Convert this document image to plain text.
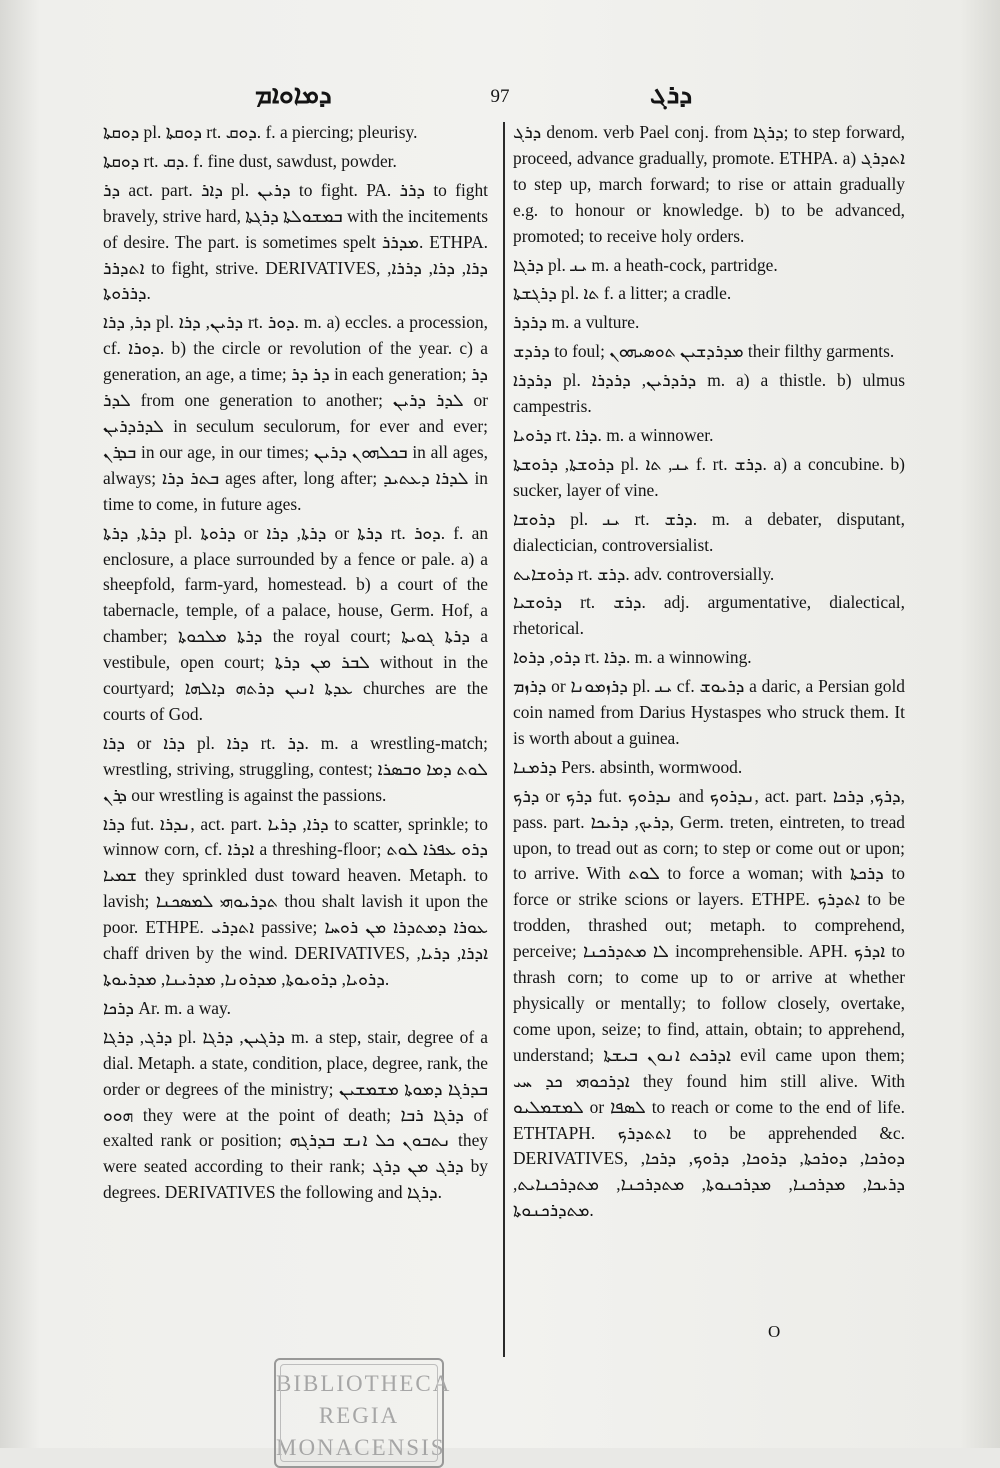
ܕܡܐܘܐܡ	97	ܕܪܓ

ܕܘܩܬܐ pl. ܕܘܩܬܐ rt. ܕܘܩ. f. a piercing; pleurisy.

ܕܘܩܬܐ rt. ܕܩ. f. fine dust, sawdust, powder.

ܕܪ act. part. ܕܐܪ pl. ܕܪܝܢ to fight. PA. ܕܪܪ to fight bravely, strive hard, ܒܡܫܘܠܬܐ ܕܪܓܬܐ with the incitements of desire. The part. is sometimes spelt ܡܕܪܪ. ETHPA. ܐܬܕܪܪ to fight, strive. DERIVATIVES, ܕܪܐ, ܕܪܐ, ܕܪܪܐ, ܕܪܪܘܬܐ.

ܕܪ, ܕܪܐ pl. ܕܪܝܢ, ܕܪܐ rt. ܕܘܪ. m. a) eccles. a procession, cf. ܕܘܪܐ. b) the circle or revolution of the year. c) a generation, an age, a time; ܕܪ ܕܪ in each generation; ܕܪ ܠܕܪ from one generation to another; ܠܕܪ ܕܪܝܢ or ܠܕܪܕܪܝܢ in seculum seculorum, for ever and ever; ܒܕܪܢ in our age, in our times; ܒܟܠܗܘܢ ܕܪܝܢ in all ages, always; ܒܬܪ ܕܪܐ ages after, long after; ܠܕܪܐ ܕܥܬܝܕ in time to come, in future ages.

ܕܪܬܐ, ܕܪܬܐ pl. ܕܪܘܬܐ or ܕܪܬܐ, ܕܪܐ or ܕܪܬܐ rt. ܕܘܪ. f. an enclosure, a place surrounded by a fence or pale. a) a sheepfold, farm-yard, homestead. b) a court of the tabernacle, temple, of a palace, house, Germ. Hof, a chamber; ܕܪܬܐ ܡܠܟܘܬܐ the royal court; ܕܪܬܐ ܓܘܝܬܐ a vestibule, open court; ܠܒܪ ܡܢ ܕܪܬܐ without in the courtyard; ܥܕܬܐ ܐܢܝܢ ܕܪܬܗ ܕܐܠܗܐ churches are the courts of God.

ܕܪܐ or ܕܪܐ pl. ܕܪܐ rt. ܕܪ. m. a wrestling-match; wrestling, striving, struggling, contest; ܠܘܬ ܕܡܐ ܘܒܣܪܐ ܕܪܢ our wrestling is against the passions.

ܕܪܐ fut. ܢܕܪܐ, act. part. ܕܪܐ, ܕܪܝܐ to scatter, sprinkle; to winnow corn, cf. ܐܕܪܐ a threshing-floor; ܕܪܘ ܥܦܪܐ ܠܘܬ ܫܡܝܐ they sprinkled dust toward heaven. Metaph. to lavish; ܬܕܪܝܘܗܝ ܠܡܣܟܢܐ thou shalt lavish it upon the poor. ETHPE. ܐܬܕܪܝ passive; ܥܘܪܐ ܕܡܬܕܪܐ ܡܢ ܪܘܚܐ chaff driven by the wind. DERIVATIVES, ܐܕܪܐ, ܕܪܝܐ, ܕܪܘܝܐ, ܕܪܘܝܘܬܐ, ܡܕܪܘܢܐ, ܡܕܪܝܢܐ, ܡܕܪܝܘܬܐ.

ܕܪܟܐ Ar. m. a way.

ܕܪܓ, ܕܪܓܐ pl. ܕܪܓܝܢ, ܕܪܓܐ m. a step, stair, degree of a dial. Metaph. a state, condition, place, degree, rank, the order or degrees of the ministry; ܒܕܪܓܐ ܕܡܘܬܐ ܡܫܡܫܝܢ ܗܘܘ they were at the point of death; ܕܪܓܐ ܪܒܐ of exalted rank or position; ܢܬܒܘܢ ܟܠ ܐܢܫ ܒܕܪܓܗ they were seated according to their rank; ܕܪܓ ܡܢ ܕܪܓ by degrees. DERIVATIVES the following and ܕܪܓܐ.

ܕܪܓ denom. verb Pael conj. from ܕܪܓܐ; to step forward, proceed, advance gradually, promote. ETHPA. a) ܐܬܕܪܓ to step up, march forward; to rise or attain gradually e.g. to honour or knowledge. b) to be advanced, promoted; to receive holy orders.

ܕܪܓܐ pl. ܝܢ‍ m. a heath-cock, partridge.

ܕܪܓܫܬܐ pl. ܬܐ‍ f. a litter; a cradle.

ܕܪܕܪ m. a vulture.

ܕܪܕܫ to foul; ܡܕܪܕܫܝܢ ܬܘܣܝܗܘܢ their filthy garments.

ܕܪܕܪܐ pl. ܕܪܕܪܝܢ, ܕܪܕܪܐ m. a) a thistle. b) ulmus campestris.

ܕܪܘܝܐ rt. ܕܪܐ. m. a winnower.

ܕܪܘܫܬܐ, ܕܪܘܫܬܐ pl. ܝܢ‍, ܬܐ‍ f. rt. ܕܪܫ. a) a concubine. b) sucker, layer of vine.

ܕܪܘܫܐ pl. ܝܢ‍ rt. ܕܪܫ. m. a debater, disputant, dialectician, controversialist.

ܕܪܘܫܐܝܬ rt. ܕܪܫ. adv. controversially.

ܕܪܘܫܝܐ rt. ܕܪܫ. adj. argumentative, dialectical, rhetorical.

ܕܪܘ, ܕܪܘܐ rt. ܕܪܐ. m. a winnowing.

ܕܪܙܡ or ܕܪܙܡܘܢܐ pl. ܝܢ‍ cf. ܕܪܝܘܫ a daric, a Persian gold coin named from Darius Hystaspes who struck them. It is worth about a guinea.

ܕܪܡܢܐ Pers. absinth, wormwood.

ܕܪܟ or ܕܪܟ fut. ܢܕܪܘܟ and ܢܕܪܘܟ, act. part. ܕܪܟ, ܕܪܟܐ, pass. part. ܕܪܝܟ, ܕܪܝܟܐ, Germ. treten, eintreten, to tread upon, to tread out as corn; to step or come out or upon; to arrive. With ܠܘܬ to force a woman; with ܕܪܟܬܐ to force or strike scions or layers. ETHPE. ܐܬܕܪܟ to be trodden, thrashed out; metaph. to comprehend, perceive; ܠܐ ܡܬܕܪܟܢܐ incomprehensible. APH. ܐܕܪܟ to thrash corn; to come up to or arrive at whether physically or mentally; to follow closely, overtake, come upon, seize; to find, attain, obtain; to apprehend, understand; ܐܕܪܟܬ ܐܢܘܢ ܒܝܫܬܐ evil came upon them; ܐܕܪܟܘܗܝ ܟܕ ܚܝ they found him still alive. With ܠܡܫܡܠܝܘ or ܠܣܦܐ to reach or come to the end of life. ETHTAPH. ܐܬܬܕܪܟ to be apprehended &c. DERIVATIVES, ܕܘܪܟܐ, ܕܘܪܟܬܐ, ܕܪܘܟܐ, ܕܪܘܟ, ܕܪܟܐ, ܕܪܝܟܐ, ܡܕܪܟܢܐ, ܡܕܪܟܢܘܬܐ, ܡܬܕܪܟܢܐ, ܡܬܕܪܟܢܐܝܬ, ܡܬܕܪܟܢܘܬܐ.

O
BIBLIOTHECA
REGIA
MONACENSIS
